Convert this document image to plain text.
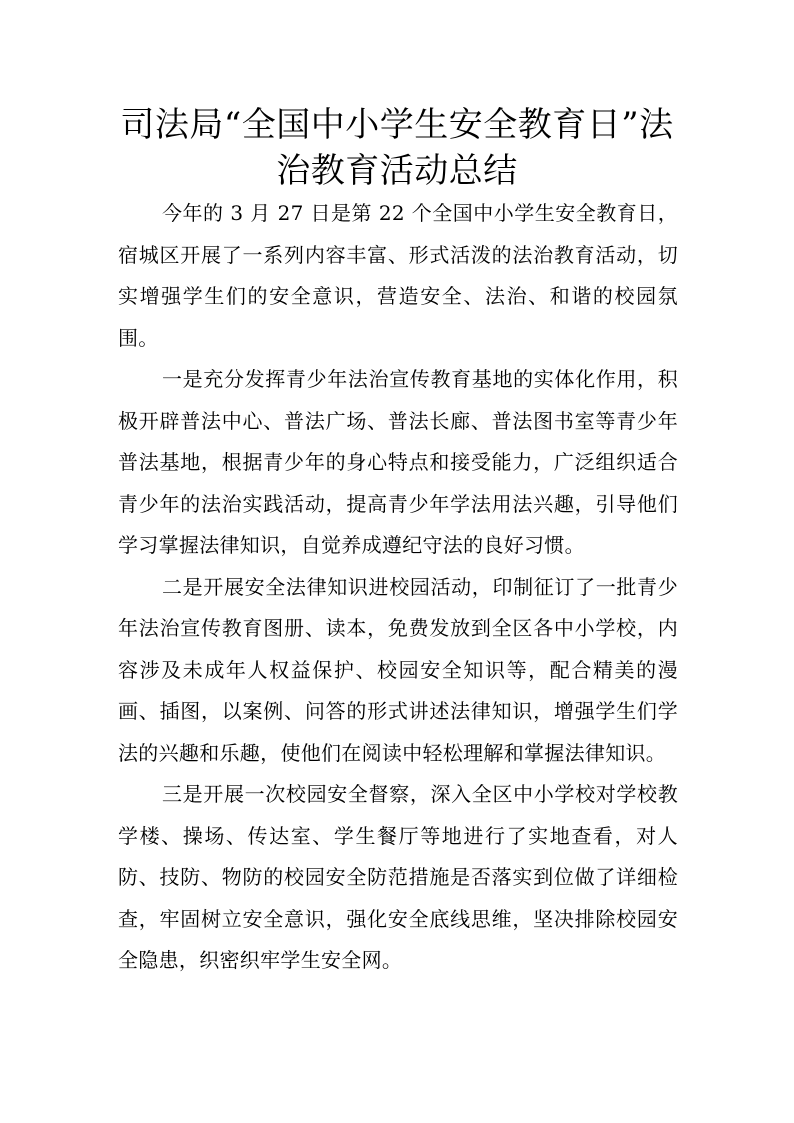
司法局“全国中小学生安全教育日”法治教育活动总结

今年的 3 月 27 日是第 22 个全国中小学生安全教育日，宿城区开展了一系列内容丰富、形式活泼的法治教育活动，切实增强学生们的安全意识，营造安全、法治、和谐的校园氛围。

一是充分发挥青少年法治宣传教育基地的实体化作用，积极开辟普法中心、普法广场、普法长廊、普法图书室等青少年普法基地，根据青少年的身心特点和接受能力，广泛组织适合青少年的法治实践活动，提高青少年学法用法兴趣，引导他们学习掌握法律知识，自觉养成遵纪守法的良好习惯。

二是开展安全法律知识进校园活动，印制征订了一批青少年法治宣传教育图册、读本，免费发放到全区各中小学校，内容涉及未成年人权益保护、校园安全知识等，配合精美的漫画、插图，以案例、问答的形式讲述法律知识，增强学生们学法的兴趣和乐趣，使他们在阅读中轻松理解和掌握法律知识。

三是开展一次校园安全督察，深入全区中小学校对学校教学楼、操场、传达室、学生餐厅等地进行了实地查看，对人防、技防、物防的校园安全防范措施是否落实到位做了详细检查，牢固树立安全意识，强化安全底线思维，坚决排除校园安全隐患，织密织牢学生安全网。
